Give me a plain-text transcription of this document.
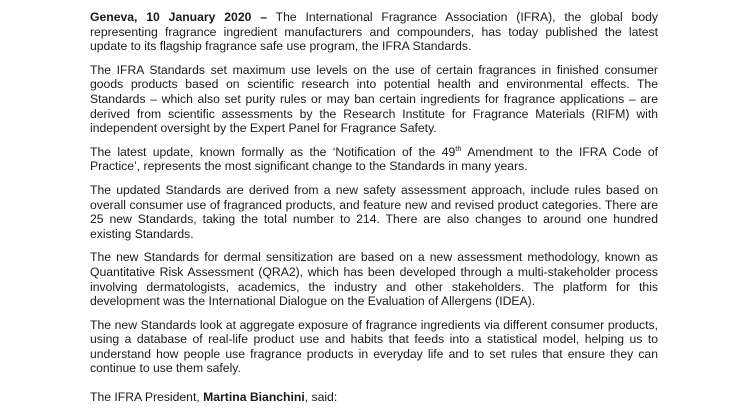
Geneva, 10 January 2020 – The International Fragrance Association (IFRA), the global body representing fragrance ingredient manufacturers and compounders, has today published the latest update to its flagship fragrance safe use program, the IFRA Standards.

The IFRA Standards set maximum use levels on the use of certain fragrances in finished consumer goods products based on scientific research into potential health and environmental effects. The Standards – which also set purity rules or may ban certain ingredients for fragrance applications – are derived from scientific assessments by the Research Institute for Fragrance Materials (RIFM) with independent oversight by the Expert Panel for Fragrance Safety.

The latest update, known formally as the ‘Notification of the 49th Amendment to the IFRA Code of Practice’, represents the most significant change to the Standards in many years.

The updated Standards are derived from a new safety assessment approach, include rules based on overall consumer use of fragranced products, and feature new and revised product categories. There are 25 new Standards, taking the total number to 214. There are also changes to around one hundred existing Standards.

The new Standards for dermal sensitization are based on a new assessment methodology, known as Quantitative Risk Assessment (QRA2), which has been developed through a multi-stakeholder process involving dermatologists, academics, the industry and other stakeholders. The platform for this development was the International Dialogue on the Evaluation of Allergens (IDEA).

The new Standards look at aggregate exposure of fragrance ingredients via different consumer products, using a database of real-life product use and habits that feeds into a statistical model, helping us to understand how people use fragrance products in everyday life and to set rules that ensure they can continue to use them safely.

The IFRA President, Martina Bianchini, said:
